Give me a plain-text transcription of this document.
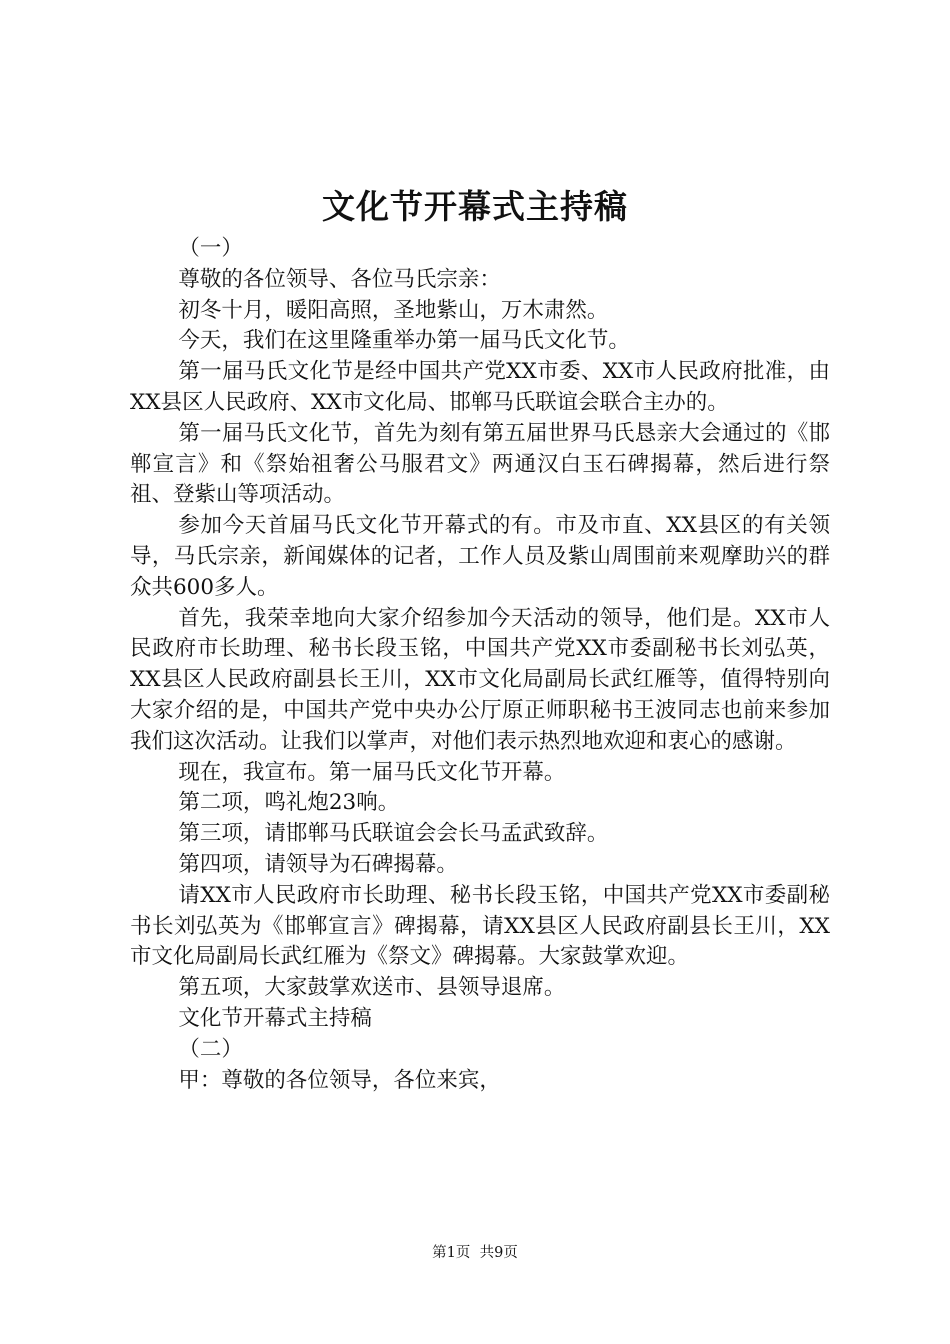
文化节开幕式主持稿

（一）

尊敬的各位领导、各位马氏宗亲：

初冬十月，暖阳高照，圣地紫山，万木肃然。

今天，我们在这里隆重举办第一届马氏文化节。

第一届马氏文化节是经中国共产党XX市委、XX市人民政府批准，由XX县区人民政府、XX市文化局、邯郸马氏联谊会联合主办的。

第一届马氏文化节，首先为刻有第五届世界马氏恳亲大会通过的《邯郸宣言》和《祭始祖奢公马服君文》两通汉白玉石碑揭幕，然后进行祭祖、登紫山等项活动。

参加今天首届马氏文化节开幕式的有。市及市直、XX县区的有关领导，马氏宗亲，新闻媒体的记者，工作人员及紫山周围前来观摩助兴的群众共600多人。

首先，我荣幸地向大家介绍参加今天活动的领导，他们是。XX市人民政府市长助理、秘书长段玉铭，中国共产党XX市委副秘书长刘弘英，XX县区人民政府副县长王川，XX市文化局副局长武红雁等，值得特别向大家介绍的是，中国共产党中央办公厅原正师职秘书王波同志也前来参加我们这次活动。让我们以掌声，对他们表示热烈地欢迎和衷心的感谢。

现在，我宣布。第一届马氏文化节开幕。

第二项，鸣礼炮23响。

第三项，请邯郸马氏联谊会会长马孟武致辞。

第四项，请领导为石碑揭幕。

请XX市人民政府市长助理、秘书长段玉铭，中国共产党XX市委副秘书长刘弘英为《邯郸宣言》碑揭幕，请XX县区人民政府副县长王川，XX市文化局副局长武红雁为《祭文》碑揭幕。大家鼓掌欢迎。

第五项，大家鼓掌欢送市、县领导退席。

文化节开幕式主持稿

（二）

甲：尊敬的各位领导，各位来宾，

第1页 共9页
